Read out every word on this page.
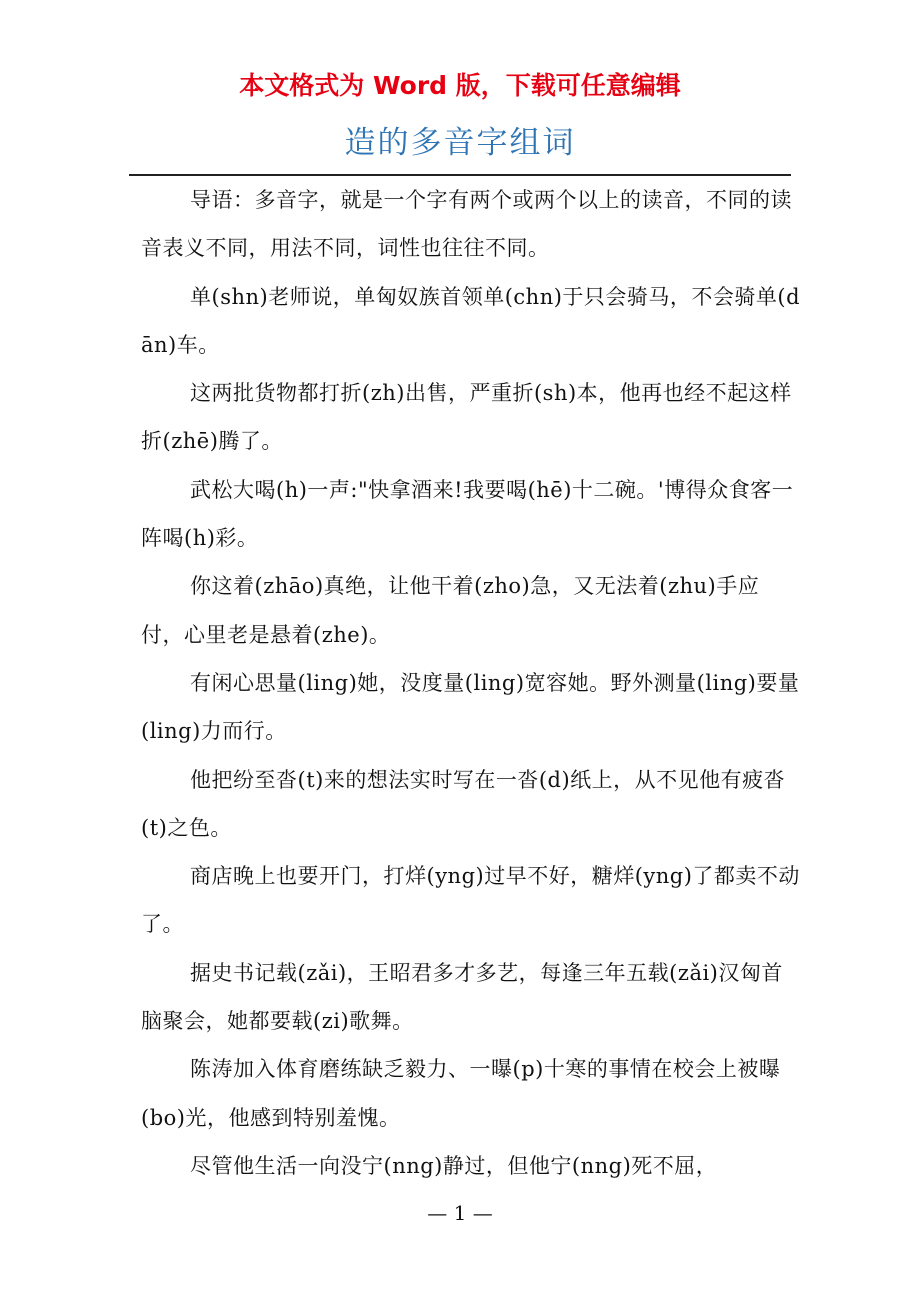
本文格式为 Word 版，下载可任意编辑
造的多音字组词

导语：多音字，就是一个字有两个或两个以上的读音，不同的读音表义不同，用法不同，词性也往往不同。

单(shn)老师说，单匈奴族首领单(chn)于只会骑马，不会骑单(dān)车。

这两批货物都打折(zh)出售，严重折(sh)本，他再也经不起这样折(zhē)腾了。

武松大喝(h)一声:"快拿酒来!我要喝(hē)十二碗。'博得众食客一阵喝(h)彩。

你这着(zhāo)真绝，让他干着(zho)急，又无法着(zhu)手应付，心里老是悬着(zhe)。

有闲心思量(ling)她，没度量(ling)宽容她。野外测量(ling)要量(ling)力而行。

他把纷至沓(t)来的想法实时写在一沓(d)纸上，从不见他有疲沓(t)之色。

商店晚上也要开门，打烊(yng)过早不好，糖烊(yng)了都卖不动了。

据史书记载(zǎi)，王昭君多才多艺，每逢三年五载(zǎi)汉匈首脑聚会，她都要载(zi)歌舞。

陈涛加入体育磨练缺乏毅力、一曝(p)十寒的事情在校会上被曝(bo)光，他感到特别羞愧。

尽管他生活一向没宁(nng)静过，但他宁(nng)死不屈，

— 1 —
